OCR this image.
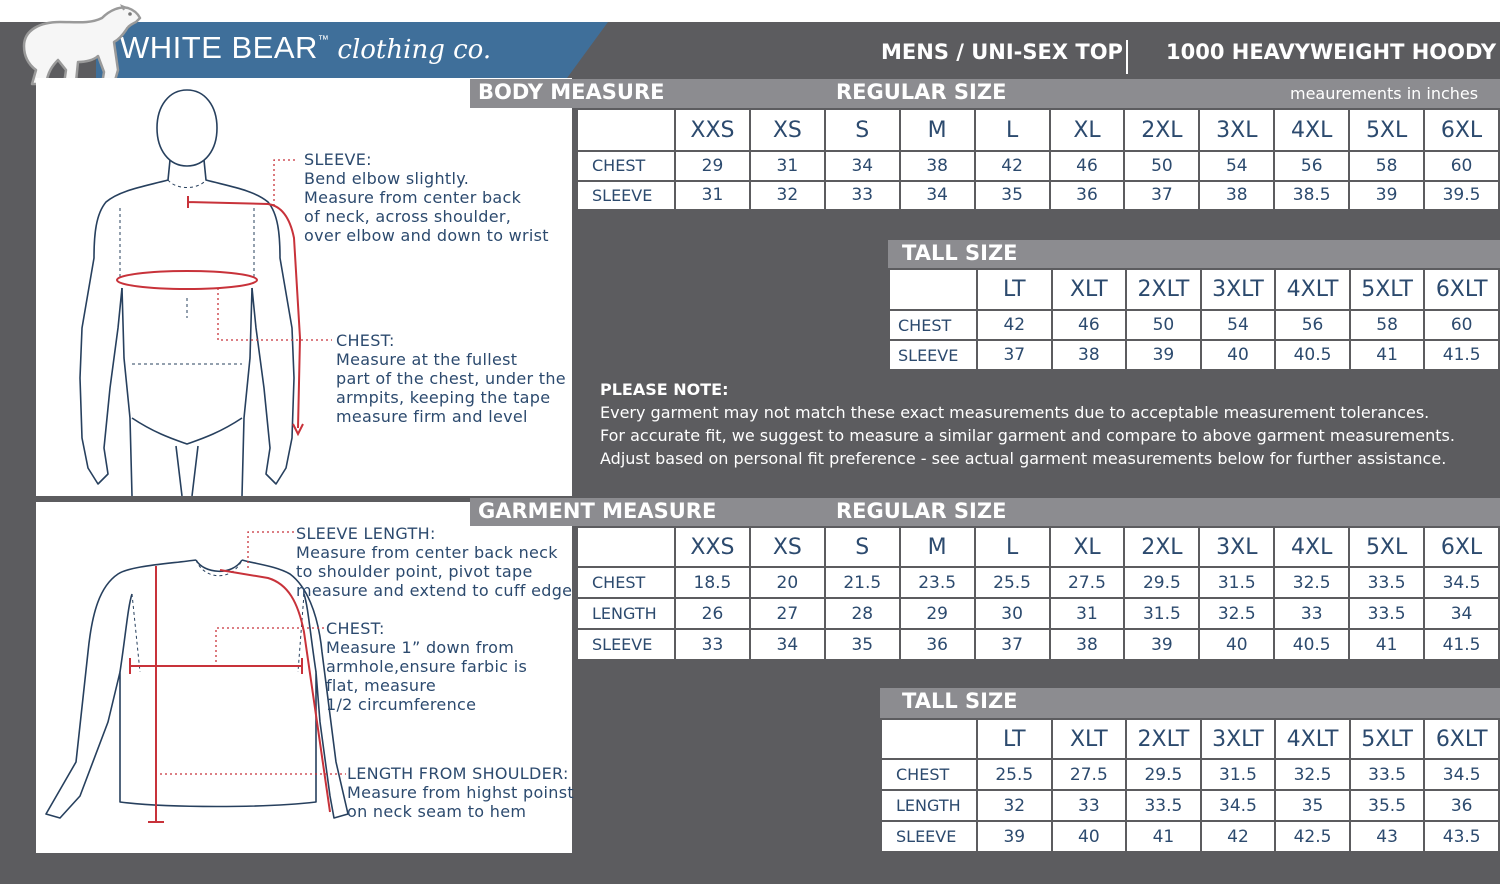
WHITE BEAR™ clothing co.	MENS / UNI-SEX TOP 1000 HEAVYWEIGHT HOODY
BODY MEASURE	REGULAR SIZE	meaurements in inches
SLEEVE:
Bend elbow slightly.
Measure from center back
of neck, across shoulder,
over elbow and down to wrist
CHEST:
Measure at the fullest
part of the chest, under the
armpits, keeping the tape
measure firm and level
	XXS	XS	S	M	L	XL	2XL	3XL	4XL	5XL	6XL
CHEST	29	31	34	38	42	46	50	54	56	58	60
SLEEVE	31	32	33	34	35	36	37	38	38.5	39	39.5
TALL SIZE
	LT	XLT	2XLT	3XLT	4XLT	5XLT	6XLT
CHEST	42	46	50	54	56	58	60
SLEEVE	37	38	39	40	40.5	41	41.5
PLEASE NOTE:
Every garment may not match these exact measurements due to acceptable measurement tolerances.
For accurate fit, we suggest to measure a similar garment and compare to above garment measurements.
Adjust based on personal fit preference - see actual garment measurements below for further assistance.
GARMENT MEASURE	REGULAR SIZE
SLEEVE LENGTH:
Measure from center back neck
to shoulder point, pivot tape
measure and extend to cuff edge
CHEST:
Measure 1” down from
armhole,ensure farbic is
flat, measure
1/2 circumference
LENGTH FROM SHOULDER:
Measure from highst poinst
on neck seam to hem
	XXS	XS	S	M	L	XL	2XL	3XL	4XL	5XL	6XL
CHEST	18.5	20	21.5	23.5	25.5	27.5	29.5	31.5	32.5	33.5	34.5
LENGTH	26	27	28	29	30	31	31.5	32.5	33	33.5	34
SLEEVE	33	34	35	36	37	38	39	40	40.5	41	41.5
TALL SIZE
	LT	XLT	2XLT	3XLT	4XLT	5XLT	6XLT
CHEST	25.5	27.5	29.5	31.5	32.5	33.5	34.5
LENGTH	32	33	33.5	34.5	35	35.5	36
SLEEVE	39	40	41	42	42.5	43	43.5
